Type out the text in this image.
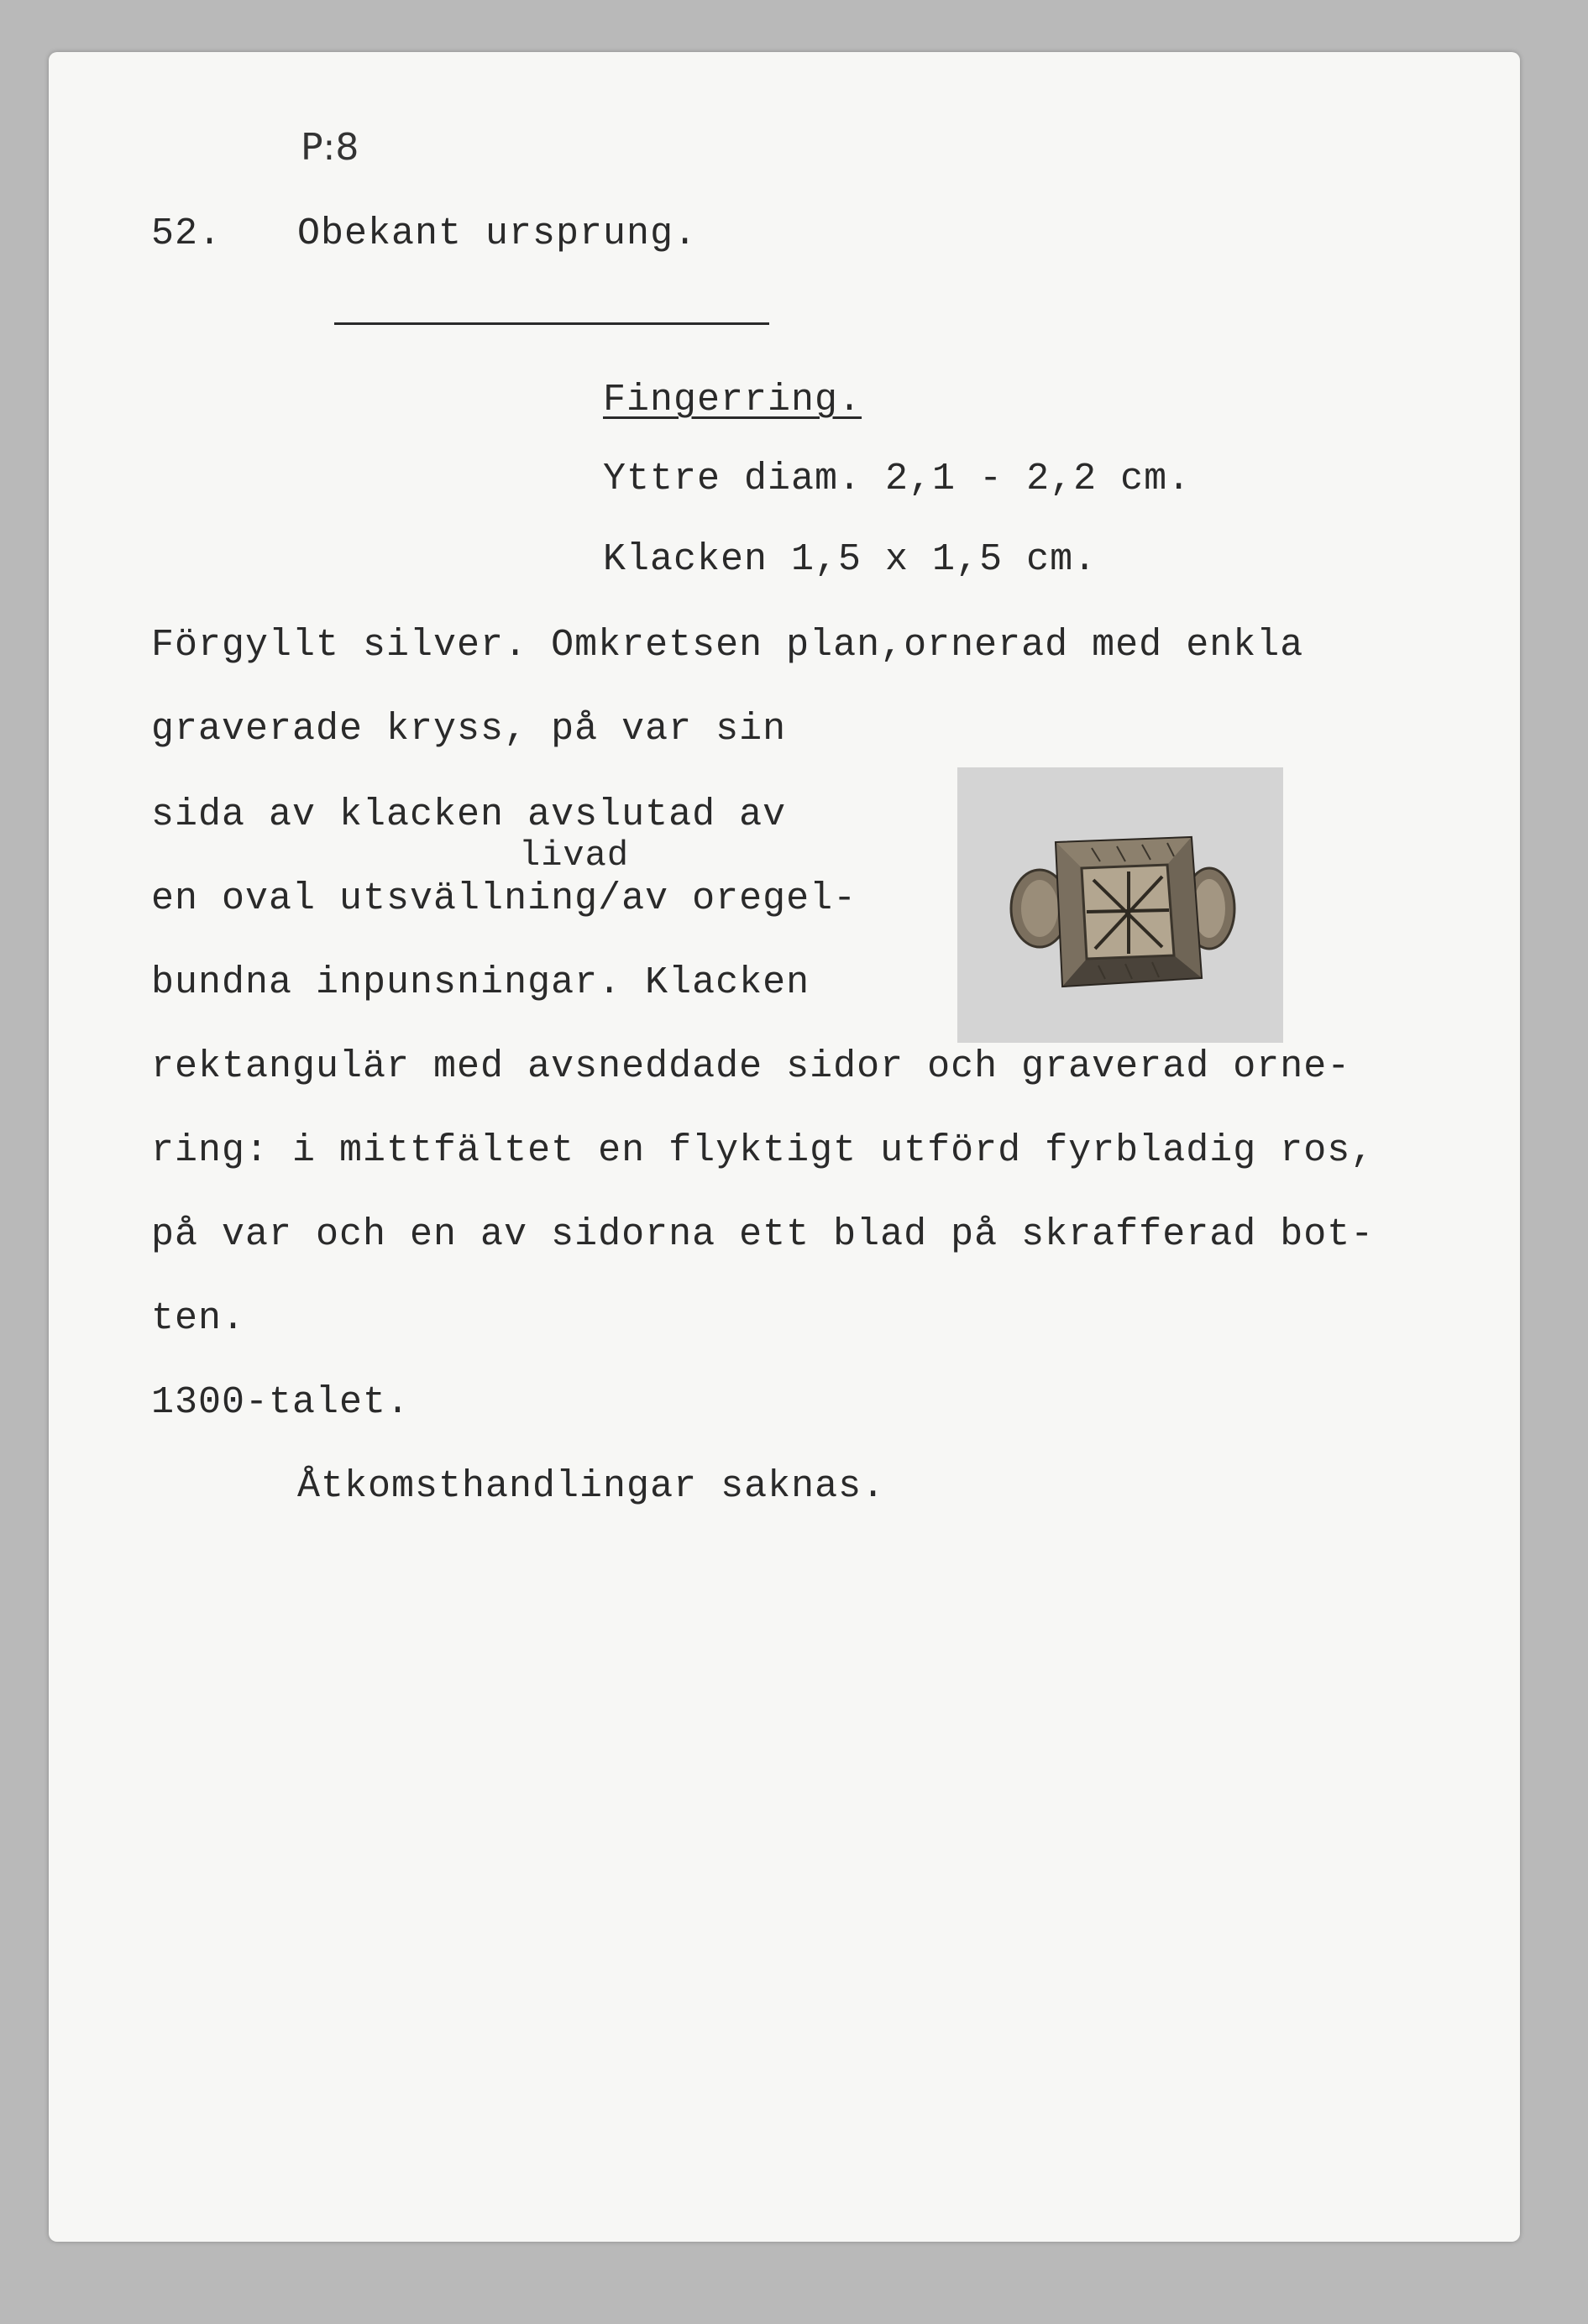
P:8
52. Obekant ursprung.
Fingerring.
Yttre diam. 2,1 - 2,2 cm.
Klacken 1,5 x 1,5 cm.
Förgyllt silver. Omkretsen plan,ornerad med enkla
graverade kryss, på var sin
sida av klacken avslutad av
livad
en oval utsvällning/av oregel-
bundna inpunsningar. Klacken
rektangulär med avsneddade sidor och graverad orne-
ring: i mittfältet en flyktigt utförd fyrbladig ros,
på var och en av sidorna ett blad på skrafferad bot-
ten.
1300-talet.
Åtkomsthandlingar saknas.
